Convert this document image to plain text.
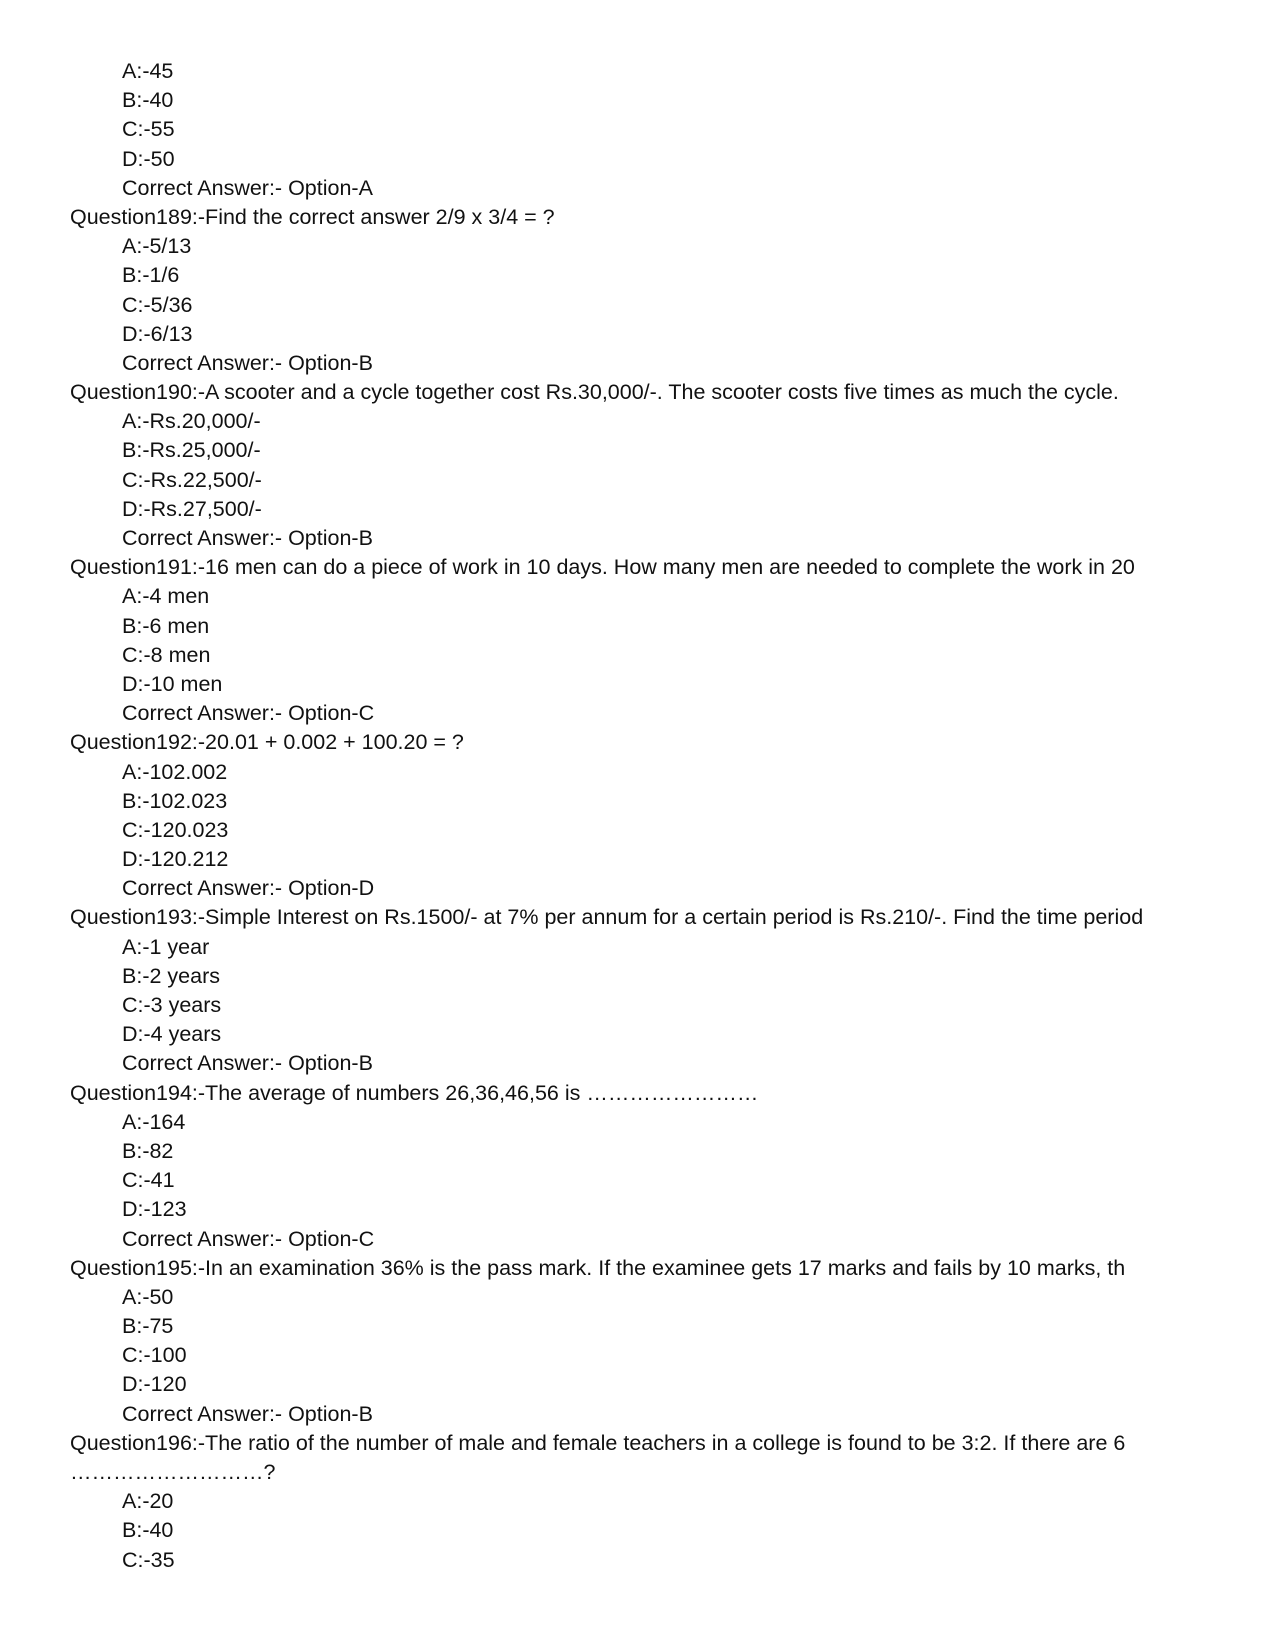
A:-45
B:-40
C:-55
D:-50
Correct Answer:- Option-A
Question189:-Find the correct answer 2/9 x 3/4 = ?
A:-5/13
B:-1/6
C:-5/36
D:-6/13
Correct Answer:- Option-B
Question190:-A scooter and a cycle together cost Rs.30,000/-. The scooter costs five times as much the cycle.
A:-Rs.20,000/-
B:-Rs.25,000/-
C:-Rs.22,500/-
D:-Rs.27,500/-
Correct Answer:- Option-B
Question191:-16 men can do a piece of work in 10 days. How many men are needed to complete the work in 20
A:-4 men
B:-6 men
C:-8 men
D:-10 men
Correct Answer:- Option-C
Question192:-20.01 + 0.002 + 100.20 = ?
A:-102.002
B:-102.023
C:-120.023
D:-120.212
Correct Answer:- Option-D
Question193:-Simple Interest on Rs.1500/- at 7% per annum for a certain period is Rs.210/-. Find the time period
A:-1 year
B:-2 years
C:-3 years
D:-4 years
Correct Answer:- Option-B
Question194:-The average of numbers 26,36,46,56 is ……………………
A:-164
B:-82
C:-41
D:-123
Correct Answer:- Option-C
Question195:-In an examination 36% is the pass mark. If the examinee gets 17 marks and fails by 10 marks, th
A:-50
B:-75
C:-100
D:-120
Correct Answer:- Option-B
Question196:-The ratio of the number of male and female teachers in a college is found to be 3:2. If there are 6
………………………?
A:-20
B:-40
C:-35
